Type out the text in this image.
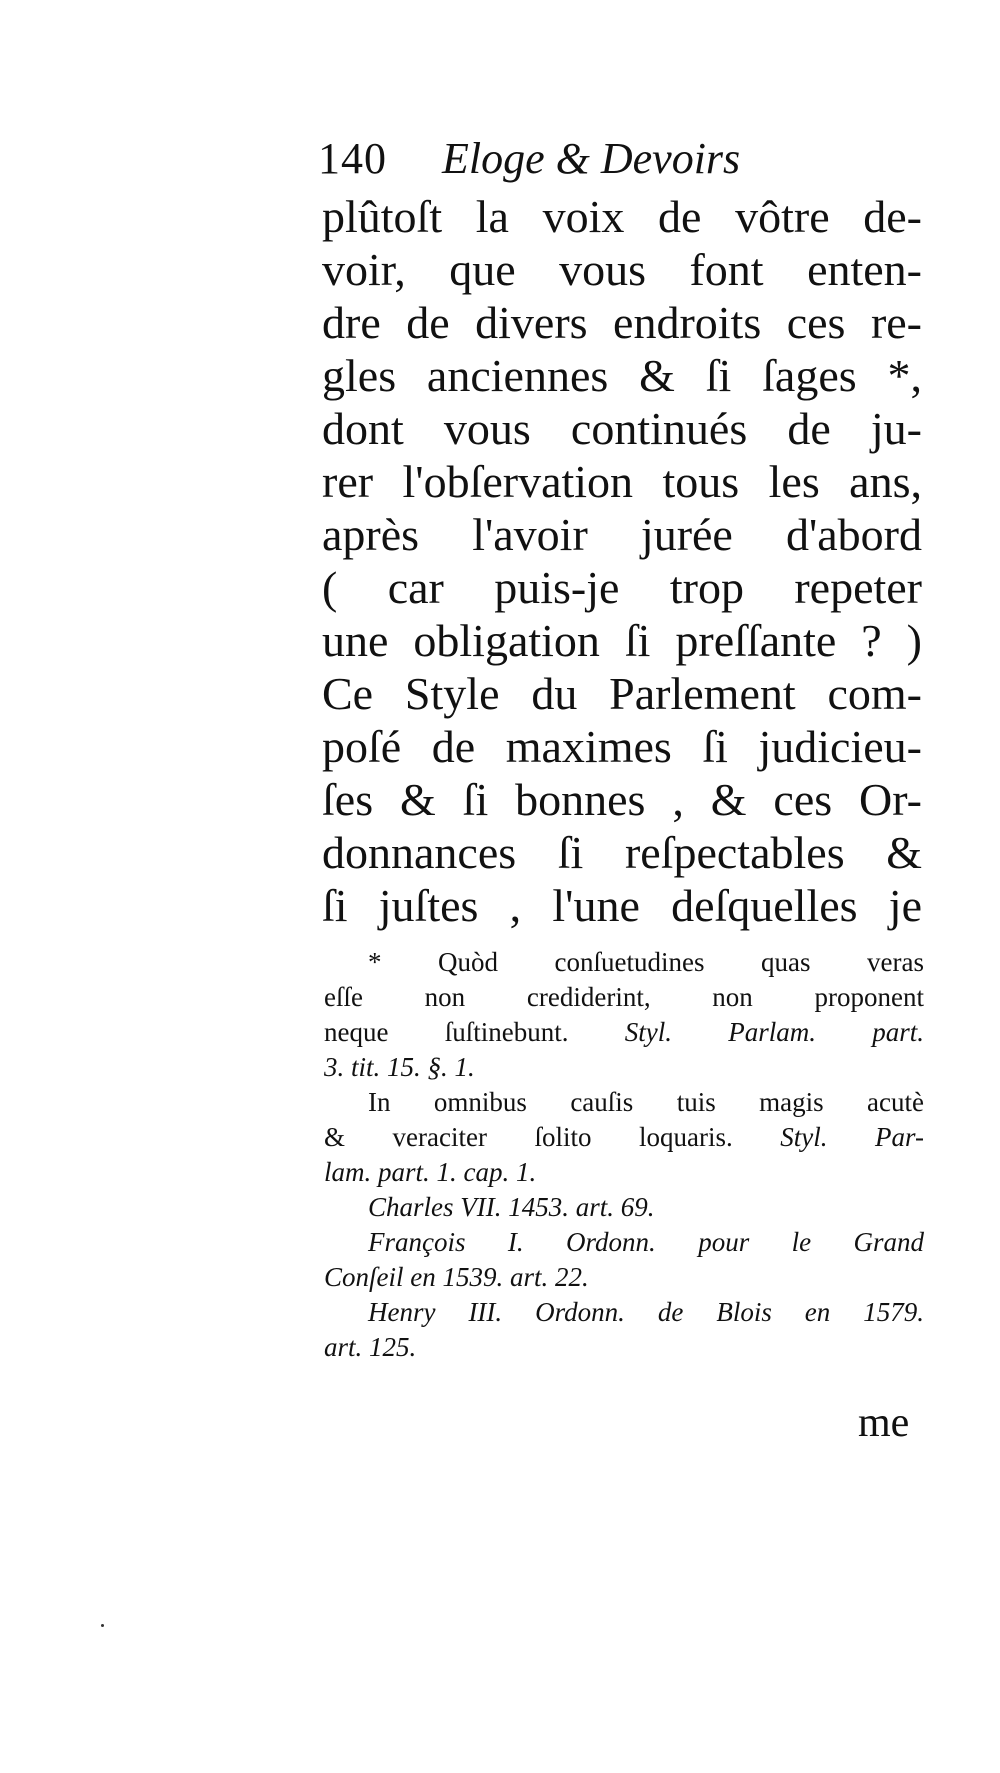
140 Eloge & Devoirs
plûtoſt la voix de vôtre de-
voir, que vous font enten-
dre de divers endroits ces re-
gles anciennes & ſi ſages *,
dont vous continués de ju-
rer l'obſervation tous les ans,
après l'avoir jurée d'abord
( car puis-je trop repeter
une obligation ſi preſſante ? )
Ce Style du Parlement com-
poſé de maximes ſi judicieu-
ſes & ſi bonnes , & ces Or-
donnances ſi reſpectables &
ſi juſtes , l'une deſquelles je
* Quòd conſuetudines quas veras
eſſe non crediderint, non proponent
neque ſuſtinebunt. Styl. Parlam. part.
3. tit. 15. §. 1.
In omnibus cauſis tuis magis acutè
& veraciter ſolito loquaris. Styl. Par-
lam. part. 1. cap. 1.
Charles VII. 1453. art. 69.
François I. Ordonn. pour le Grand
Conſeil en 1539. art. 22.
Henry III. Ordonn. de Blois en 1579.
art. 125.
me
